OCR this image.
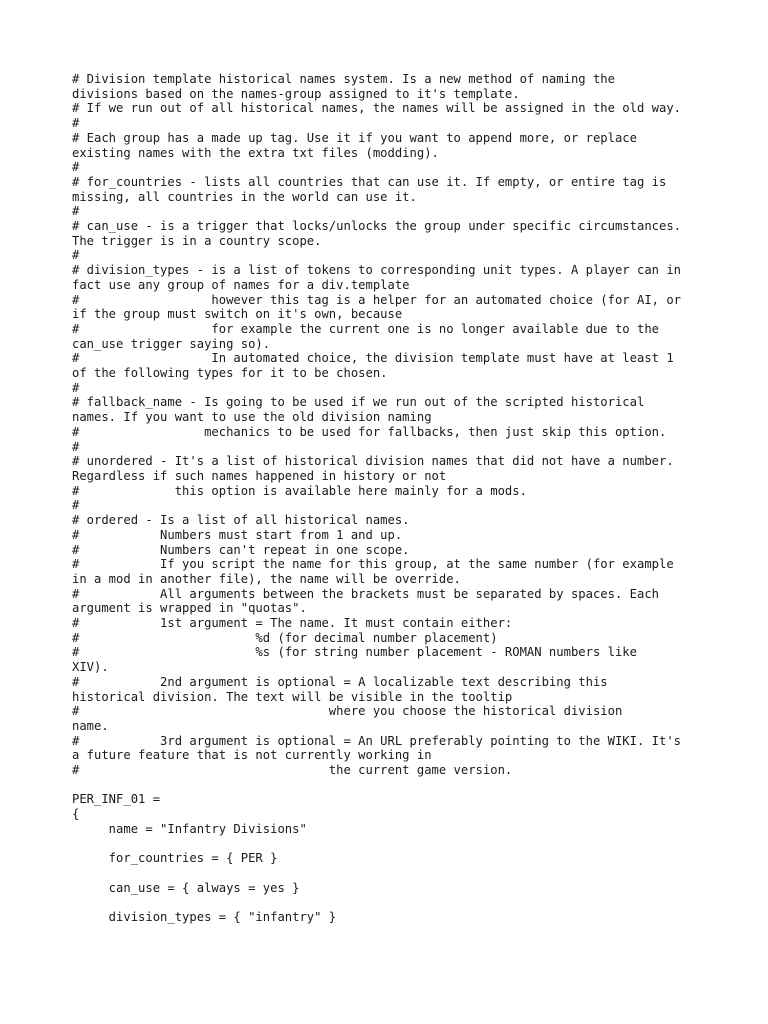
# Division template historical names system. Is a new method of naming the
divisions based on the names-group assigned to it's template.
# If we run out of all historical names, the names will be assigned in the old way.
#
# Each group has a made up tag. Use it if you want to append more, or replace
existing names with the extra txt files (modding).
#
# for_countries - lists all countries that can use it. If empty, or entire tag is
missing, all countries in the world can use it.
#
# can_use - is a trigger that locks/unlocks the group under specific circumstances.
The trigger is in a country scope.
#
# division_types - is a list of tokens to corresponding unit types. A player can in
fact use any group of names for a div.template
#                  however this tag is a helper for an automated choice (for AI, or
if the group must switch on it's own, because
#                  for example the current one is no longer available due to the
can_use trigger saying so).
#                  In automated choice, the division template must have at least 1
of the following types for it to be chosen.
#
# fallback_name - Is going to be used if we run out of the scripted historical
names. If you want to use the old division naming
#                 mechanics to be used for fallbacks, then just skip this option.
#
# unordered - It's a list of historical division names that did not have a number.
Regardless if such names happened in history or not
#             this option is available here mainly for a mods.
#
# ordered - Is a list of all historical names.
#           Numbers must start from 1 and up.
#           Numbers can't repeat in one scope.
#           If you script the name for this group, at the same number (for example
in a mod in another file), the name will be override.
#           All arguments between the brackets must be separated by spaces. Each
argument is wrapped in "quotas".
#           1st argument = The name. It must contain either:
#                        %d (for decimal number placement)
#                        %s (for string number placement - ROMAN numbers like
XIV).
#           2nd argument is optional = A localizable text describing this
historical division. The text will be visible in the tooltip
#                                  where you choose the historical division
name.
#           3rd argument is optional = An URL preferably pointing to the WIKI. It's
a future feature that is not currently working in
#                                  the current game version.
PER_INF_01 =
{
name = "Infantry Divisions"
for_countries = { PER }
can_use = { always = yes }
division_types = { "infantry" }
